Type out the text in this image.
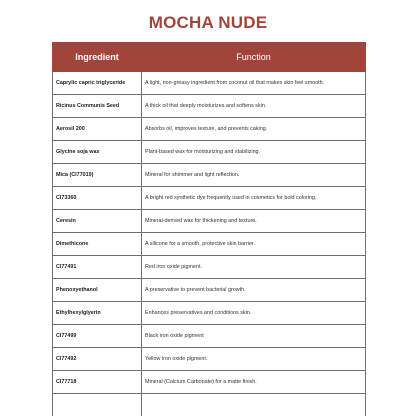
MOCHA NUDE
Ingredient	Function
Caprylic capric triglyceride	A light, non-greasy ingredient from coconut oil that makes skin feel smooth.
Ricinus Communis Seed	A thick oil that deeply moisturizes and softens skin.
Aerosil 200	Absorbs oil, improves texture, and prevents caking.
Glycine soja wax	Plant-based wax for moisturizing and stabilizing.
Mica (CI77019)	Mineral for shimmer and light reflection.
CI73360	A bright red synthetic dye frequently used in cosmetics for bold coloring.
Ceresin	Mineral-derived wax for thickening and texture.
Dimethicone	A silicone for a smooth, protective skin barrier.
CI77491	Red iron oxide pigment.
Phenoxyethanol	A preservative to prevent bacterial growth.
Ethylhexylglyerin	Enhances preservatives and conditions skin.
CI77499	Black iron oxide pigment
CI77492	Yellow iron oxide pigment.
CI77718	Mineral (Calcium Carbonate) for a matte finish.
